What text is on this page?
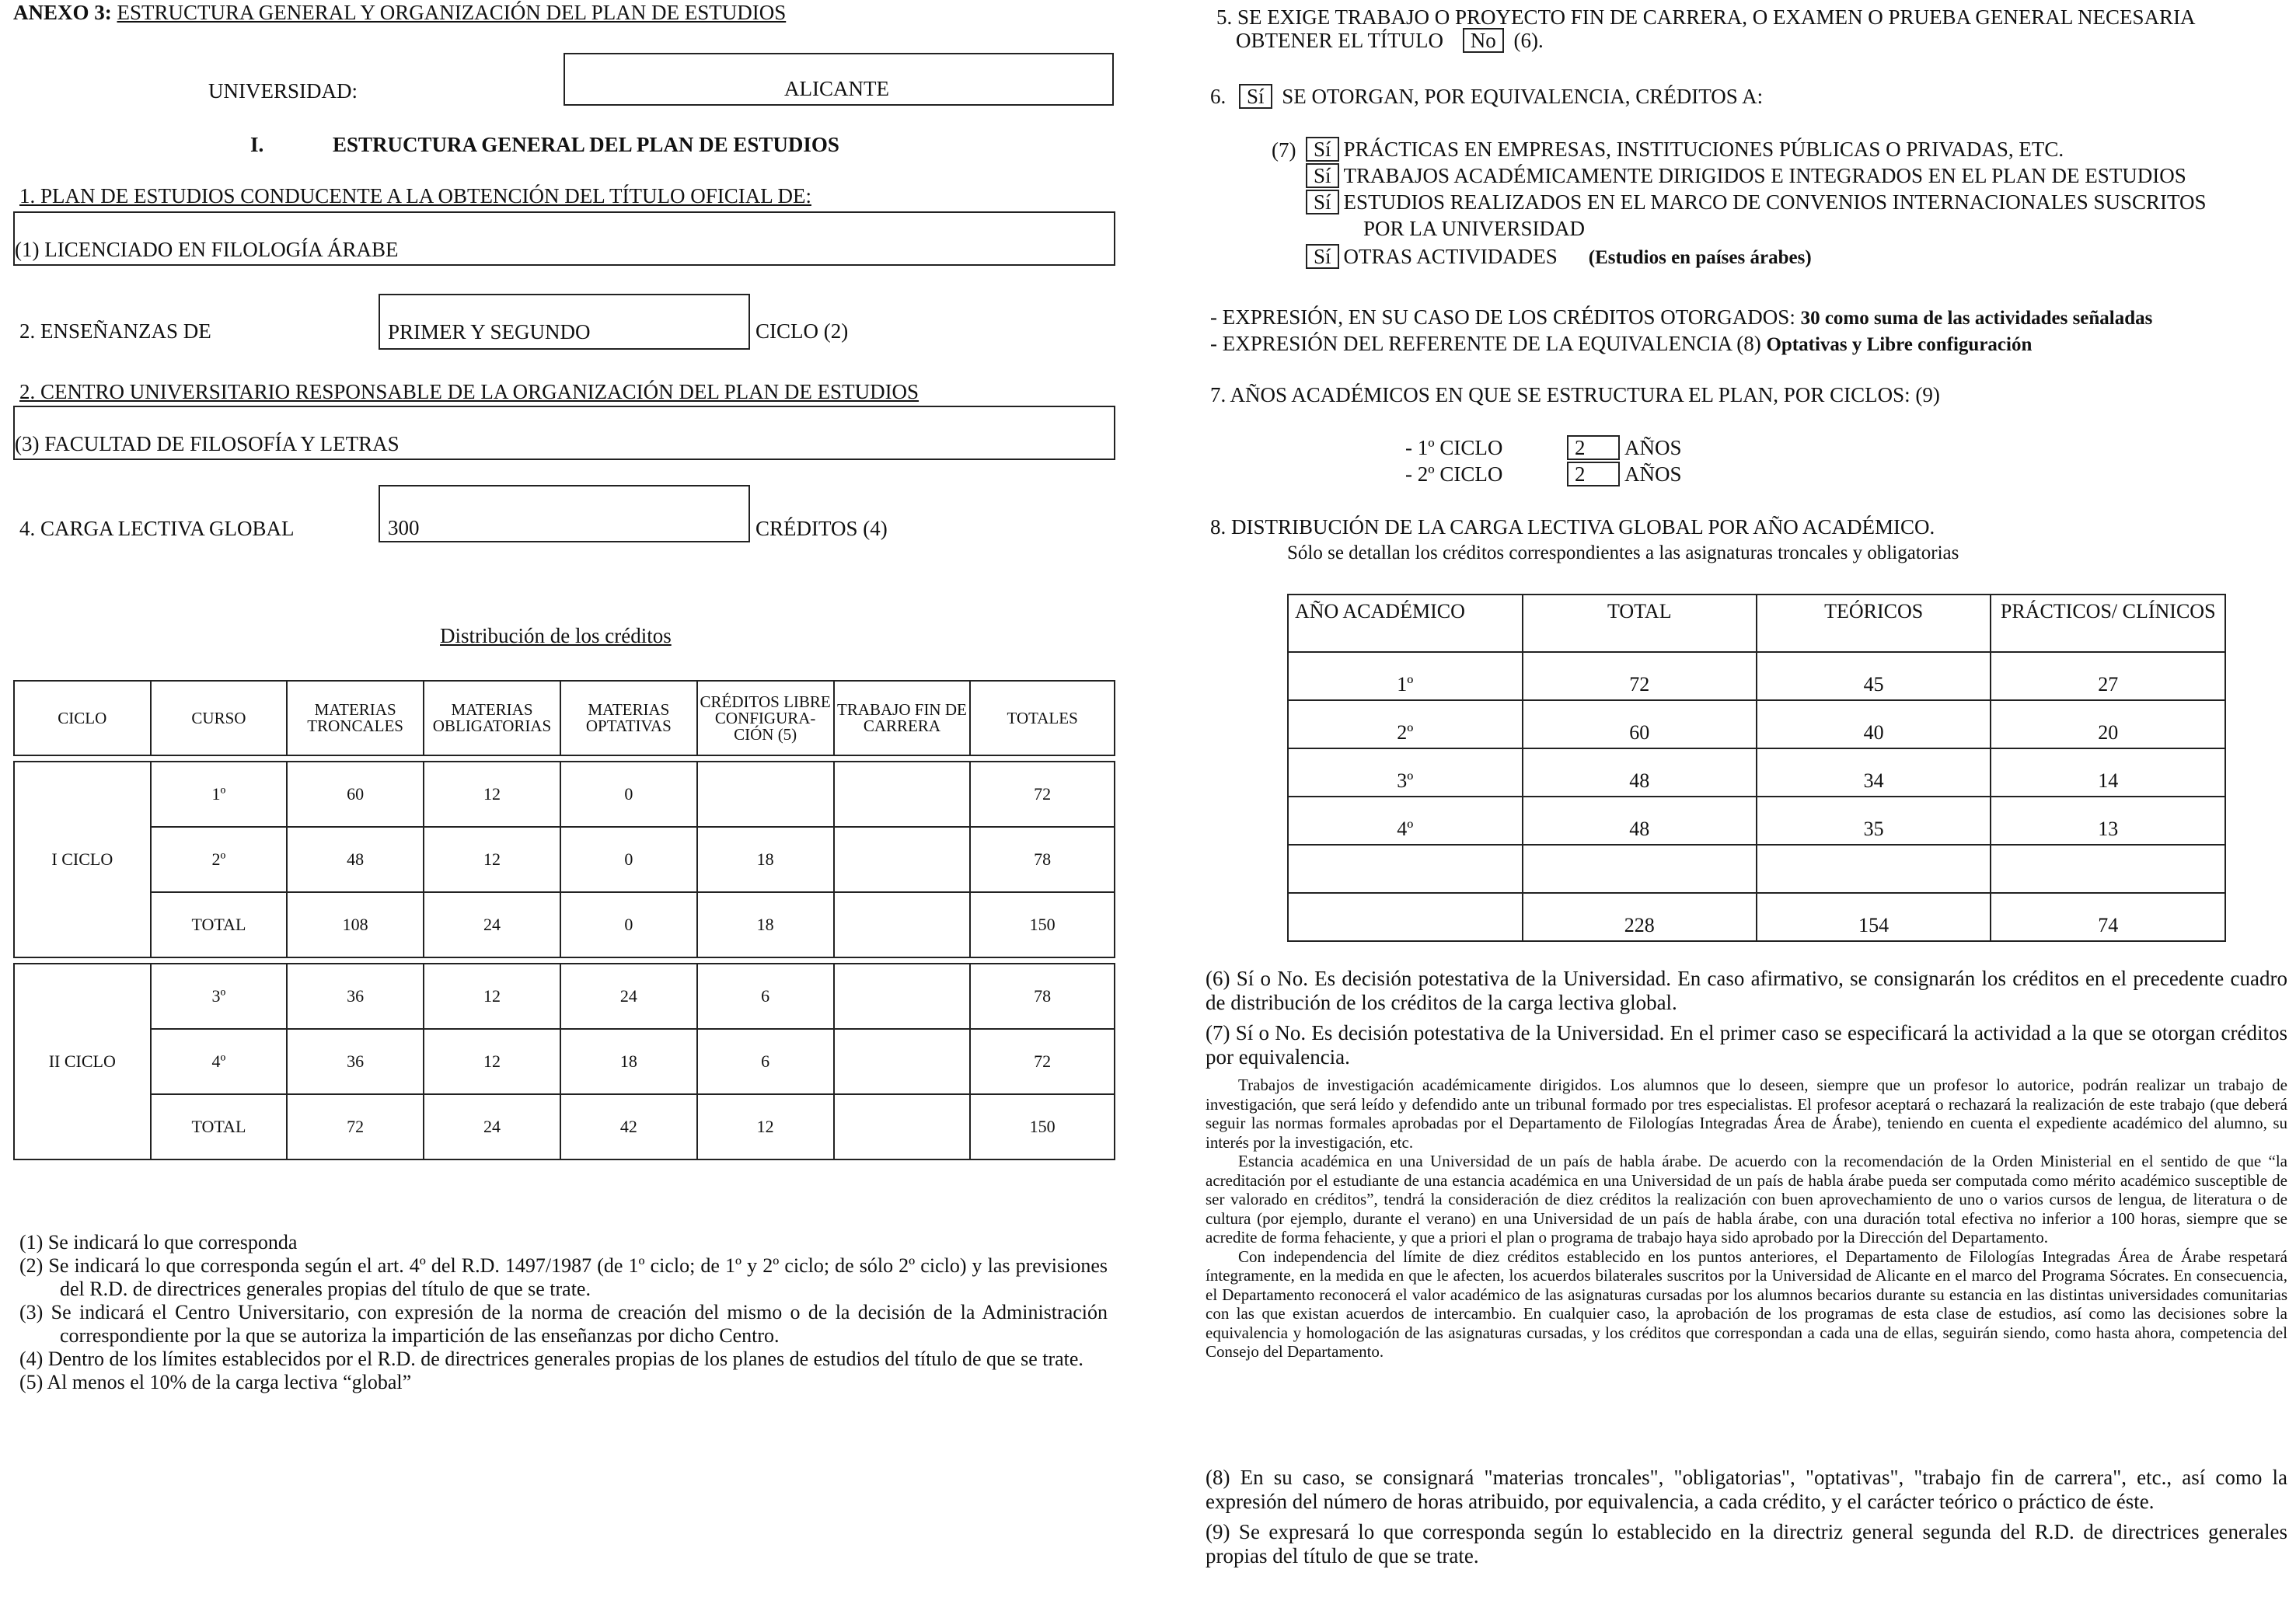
ANEXO 3: ESTRUCTURA GENERAL Y ORGANIZACIÓN DEL PLAN DE ESTUDIOS
UNIVERSIDAD:	ALICANTE
I.	ESTRUCTURA GENERAL DEL PLAN DE ESTUDIOS
1. PLAN DE ESTUDIOS CONDUCENTE A LA OBTENCIÓN DEL TÍTULO OFICIAL DE:
(1) LICENCIADO EN FILOLOGÍA ÁRABE
2. ENSEÑANZAS DE	PRIMER Y SEGUNDO	CICLO (2)
2. CENTRO UNIVERSITARIO RESPONSABLE DE LA ORGANIZACIÓN DEL PLAN DE ESTUDIOS
(3) FACULTAD DE FILOSOFÍA Y LETRAS
4. CARGA LECTIVA GLOBAL	300	CRÉDITOS (4)
Distribución de los créditos
CICLO	CURSO	MATERIAS TRONCALES	MATERIAS OBLIGATORIAS	MATERIAS OPTATIVAS	CRÉDITOS LIBRE CONFIGURA-CIÓN (5)	TRABAJO FIN DE CARRERA	TOTALES

I CICLO	1º	60	12	0			72
	2º	48	12	0	18		78
	TOTAL	108	24	0	18		150

II CICLO	3º	36	12	24	6		78
	4º	36	12	18	6		72
	TOTAL	72	24	42	12		150
(1) Se indicará lo que corresponda
(2) Se indicará lo que corresponda según el art. 4º del R.D. 1497/1987 (de 1º ciclo; de 1º y 2º ciclo; de sólo 2º ciclo) y las previsiones del R.D. de directrices generales propias del título de que se trate.
(3) Se indicará el Centro Universitario, con expresión de la norma de creación del mismo o de la decisión de la Administración correspondiente por la que se autoriza la impartición de las enseñanzas por dicho Centro.
(4) Dentro de los límites establecidos por el R.D. de directrices generales propias de los planes de estudios del título de que se trate.
(5) Al menos el 10% de la carga lectiva “global”
5. SE EXIGE TRABAJO O PROYECTO FIN DE CARRERA, O EXAMEN O PRUEBA GENERAL NECESARIA
OBTENER EL TÍTULO No (6).
6. Sí SE OTORGAN, POR EQUIVALENCIA, CRÉDITOS A:
(7) Sí PRÁCTICAS EN EMPRESAS, INSTITUCIONES PÚBLICAS O PRIVADAS, ETC.
Sí TRABAJOS ACADÉMICAMENTE DIRIGIDOS E INTEGRADOS EN EL PLAN DE ESTUDIOS
Sí ESTUDIOS REALIZADOS EN EL MARCO DE CONVENIOS INTERNACIONALES SUSCRITOS
POR LA UNIVERSIDAD
Sí OTRAS ACTIVIDADES (Estudios en países árabes)
- EXPRESIÓN, EN SU CASO DE LOS CRÉDITOS OTORGADOS: 30 como suma de las actividades señaladas
- EXPRESIÓN DEL REFERENTE DE LA EQUIVALENCIA (8) Optativas y Libre configuración
7. AÑOS ACADÉMICOS EN QUE SE ESTRUCTURA EL PLAN, POR CICLOS: (9)
- 1º CICLO	2 AÑOS
- 2º CICLO	2 AÑOS
8. DISTRIBUCIÓN DE LA CARGA LECTIVA GLOBAL POR AÑO ACADÉMICO.
Sólo se detallan los créditos correspondientes a las asignaturas troncales y obligatorias
AÑO ACADÉMICO	TOTAL	TEÓRICOS	PRÁCTICOS/ CLÍNICOS
1º	72	45	27
2º	60	40	20
3º	48	34	14
4º	48	35	13

	228	154	74
(6) Sí o No. Es decisión potestativa de la Universidad. En caso afirmativo, se consignarán los créditos en el precedente cuadro de distribución de los créditos de la carga lectiva global.
(7) Sí o No. Es decisión potestativa de la Universidad. En el primer caso se especificará la actividad a la que se otorgan créditos por equivalencia.

Trabajos de investigación académicamente dirigidos. Los alumnos que lo deseen, siempre que un profesor lo autorice, podrán realizar un trabajo de investigación, que será leído y defendido ante un tribunal formado por tres especialistas. El profesor aceptará o rechazará la realización de este trabajo (que deberá seguir las normas formales aprobadas por el Departamento de Filologías Integradas Área de Árabe), teniendo en cuenta el expediente académico del alumno, su interés por la investigación, etc.

Estancia académica en una Universidad de un país de habla árabe. De acuerdo con la recomendación de la Orden Ministerial en el sentido de que “la acreditación por el estudiante de una estancia académica en una Universidad de un país de habla árabe pueda ser computada como mérito académico susceptible de ser valorado en créditos”, tendrá la consideración de diez créditos la realización con buen aprovechamiento de uno o varios cursos de lengua, de literatura o de cultura (por ejemplo, durante el verano) en una Universidad de un país de habla árabe, con una duración total efectiva no inferior a 100 horas, siempre que se acredite de forma fehaciente, y que a priori el plan o programa de trabajo haya sido aprobado por la Dirección del Departamento.

Con independencia del límite de diez créditos establecido en los puntos anteriores, el Departamento de Filologías Integradas Área de Árabe respetará íntegramente, en la medida en que le afecten, los acuerdos bilaterales suscritos por la Universidad de Alicante en el marco del Programa Sócrates. En consecuencia, el Departamento reconocerá el valor académico de las asignaturas cursadas por los alumnos becarios durante su estancia en las distintas universidades comunitarias con las que existan acuerdos de intercambio. En cualquier caso, la aprobación de los programas de esta clase de estudios, así como las decisiones sobre la equivalencia y homologación de las asignaturas cursadas, y los créditos que correspondan a cada una de ellas, seguirán siendo, como hasta ahora, competencia del Consejo del Departamento.

(8) En su caso, se consignará "materias troncales", "obligatorias", "optativas", "trabajo fin de carrera", etc., así como la expresión del número de horas atribuido, por equivalencia, a cada crédito, y el carácter teórico o práctico de éste.
(9) Se expresará lo que corresponda según lo establecido en la directriz general segunda del R.D. de directrices generales propias del título de que se trate.
